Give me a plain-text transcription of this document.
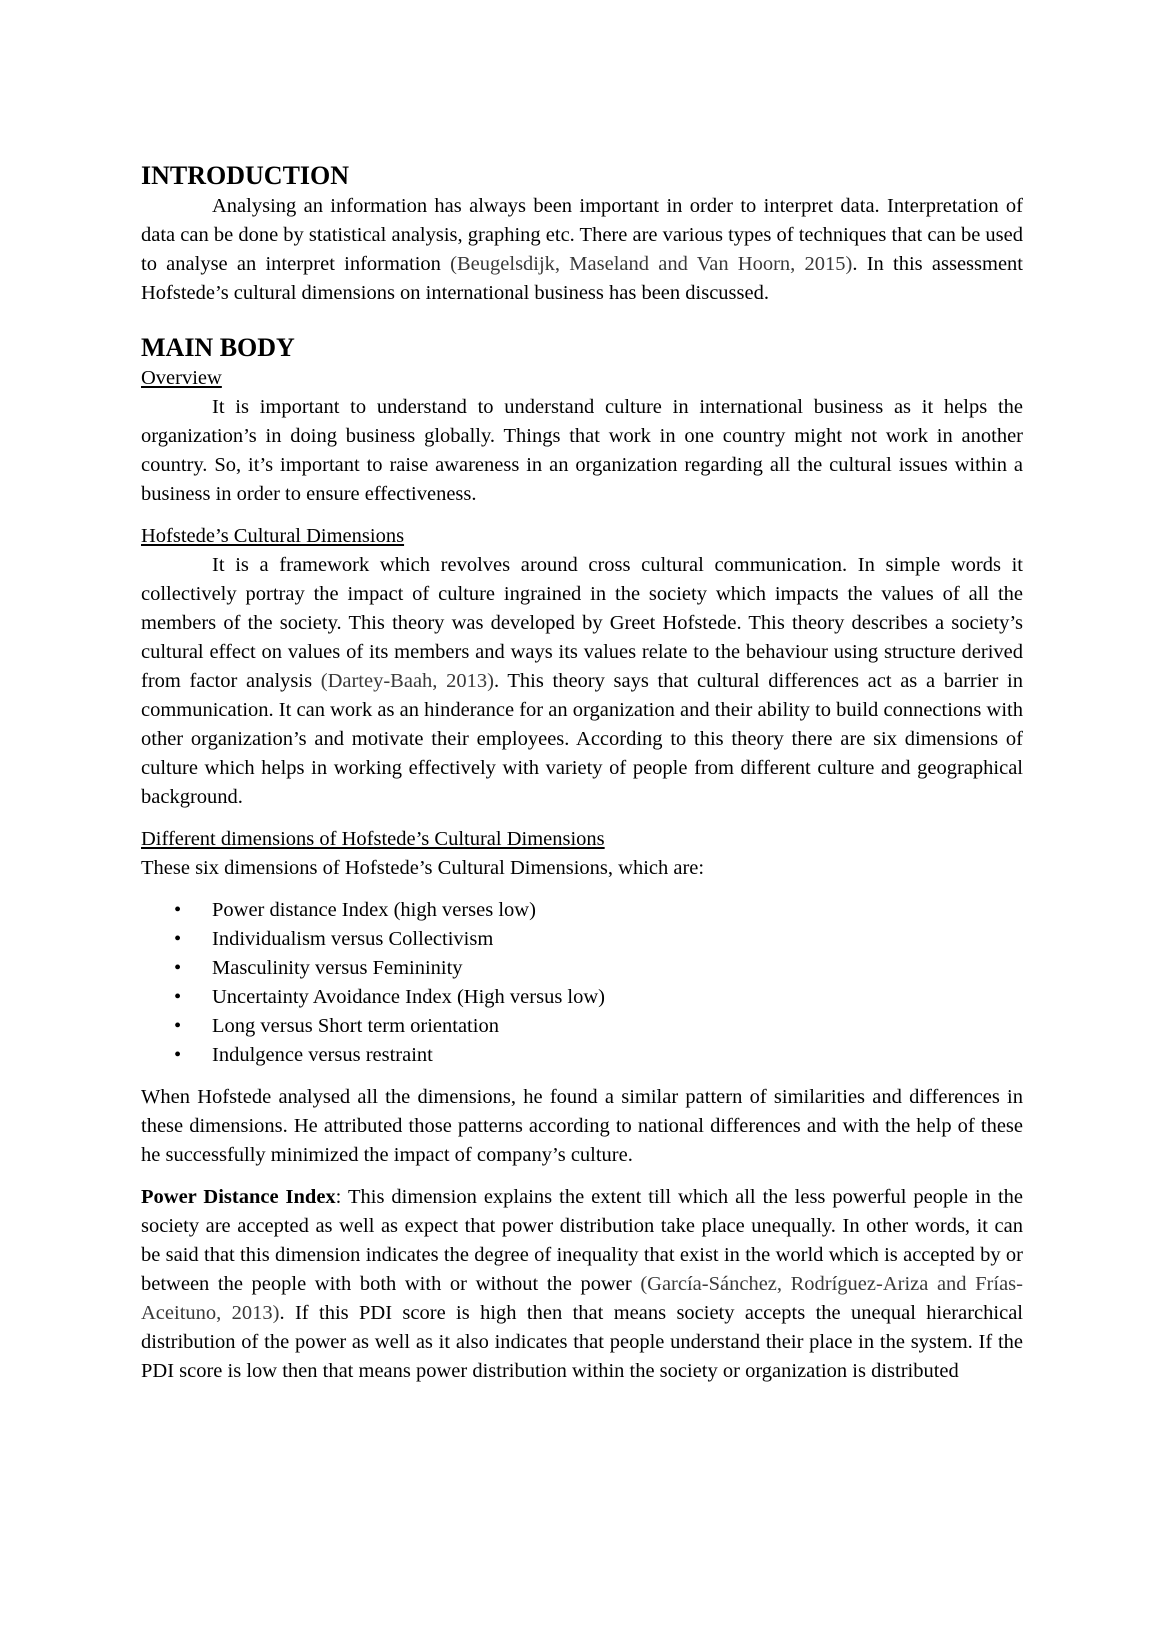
INTRODUCTION

Analysing an information has always been important in order to interpret data. Interpretation of data can be done by statistical analysis, graphing etc. There are various types of techniques that can be used to analyse an interpret information (Beugelsdijk, Maseland and Van Hoorn, 2015). In this assessment Hofstede’s cultural dimensions on international business has been discussed.

MAIN BODY

Overview

It is important to understand to understand culture in international business as it helps the organization’s in doing business globally. Things that work in one country might not work in another country. So, it’s important to raise awareness in an organization regarding all the cultural issues within a business in order to ensure effectiveness.

Hofstede’s Cultural Dimensions

It is a framework which revolves around cross cultural communication. In simple words it collectively portray the impact of culture ingrained in the society which impacts the values of all the members of the society. This theory was developed by Greet Hofstede. This theory describes a society’s cultural effect on values of its members and ways its values relate to the behaviour using structure derived from factor analysis (Dartey-Baah, 2013). This theory says that cultural differences act as a barrier in communication. It can work as an hinderance for an organization and their ability to build connections with other organization’s and motivate their employees. According to this theory there are six dimensions of culture which helps in working effectively with variety of people from different culture and geographical background.

Different dimensions of Hofstede’s Cultural Dimensions

These six dimensions of Hofstede’s Cultural Dimensions, which are:

• Power distance Index (high verses low)
• Individualism versus Collectivism
• Masculinity versus Femininity
• Uncertainty Avoidance Index (High versus low)
• Long versus Short term orientation
• Indulgence versus restraint

When Hofstede analysed all the dimensions, he found a similar pattern of similarities and differences in these dimensions. He attributed those patterns according to national differences and with the help of these he successfully minimized the impact of company’s culture.

Power Distance Index: This dimension explains the extent till which all the less powerful people in the society are accepted as well as expect that power distribution take place unequally. In other words, it can be said that this dimension indicates the degree of inequality that exist in the world which is accepted by or between the people with both with or without the power (García-Sánchez, Rodríguez-Ariza and Frías-Aceituno, 2013). If this PDI score is high then that means society accepts the unequal hierarchical distribution of the power as well as it also indicates that people understand their place in the system. If the PDI score is low then that means power distribution within the society or organization is distributed
